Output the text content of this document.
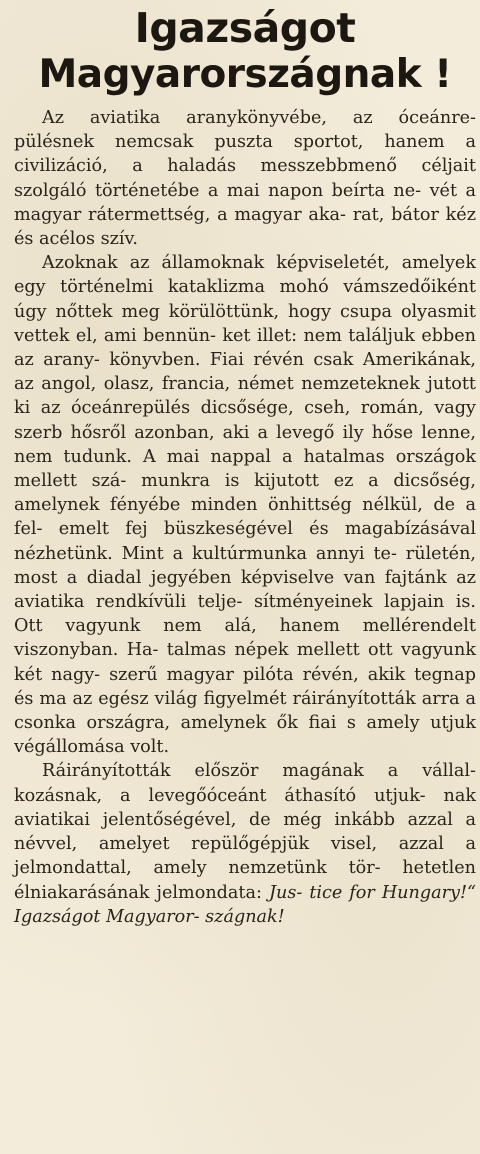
Igazságot
Magyarországnak !

Az aviatika aranykönyvébe, az óceánre- pülésnek nemcsak puszta sportot, hanem a civilizáció, a haladás messzebbmenő céljait szolgáló történetébe a mai napon beírta ne- vét a magyar rátermettség, a magyar aka- rat, bátor kéz és acélos szív.

Azoknak az államoknak képviseletét, amelyek egy történelmi kataklizma mohó vámszedőiként úgy nőttek meg körülöttünk, hogy csupa olyasmit vettek el, ami bennün- ket illet: nem találjuk ebben az arany- könyvben. Fiai révén csak Amerikának, az angol, olasz, francia, német nemzeteknek jutott ki az óceánrepülés dicsősége, cseh, román, vagy szerb hősről azonban, aki a levegő ily hőse lenne, nem tudunk. A mai nappal a hatalmas országok mellett szá- munkra is kijutott ez a dicsőség, amelynek fényébe minden önhittség nélkül, de a fel- emelt fej büszkeségével és magabízásával nézhetünk. Mint a kultúrmunka annyi te- rületén, most a diadal jegyében képviselve van fajtánk az aviatika rendkívüli telje- sítményeinek lapjain is. Ott vagyunk nem alá, hanem mellérendelt viszonyban. Ha- talmas népek mellett ott vagyunk két nagy- szerű magyar pilóta révén, akik tegnap és ma az egész világ figyelmét ráirányították arra a csonka országra, amelynek ők fiai s amely utjuk végállomása volt.

Ráirányították először magának a vállal- kozásnak, a levegőóceánt áthasító utjuk- nak aviatikai jelentőségével, de még inkább azzal a névvel, amelyet repülőgépjük visel, azzal a jelmondattal, amely nemzetünk tör- hetetlen élniakarásának jelmondata: Jus- tice for Hungary!“ Igazságot Magyaror- szágnak!
